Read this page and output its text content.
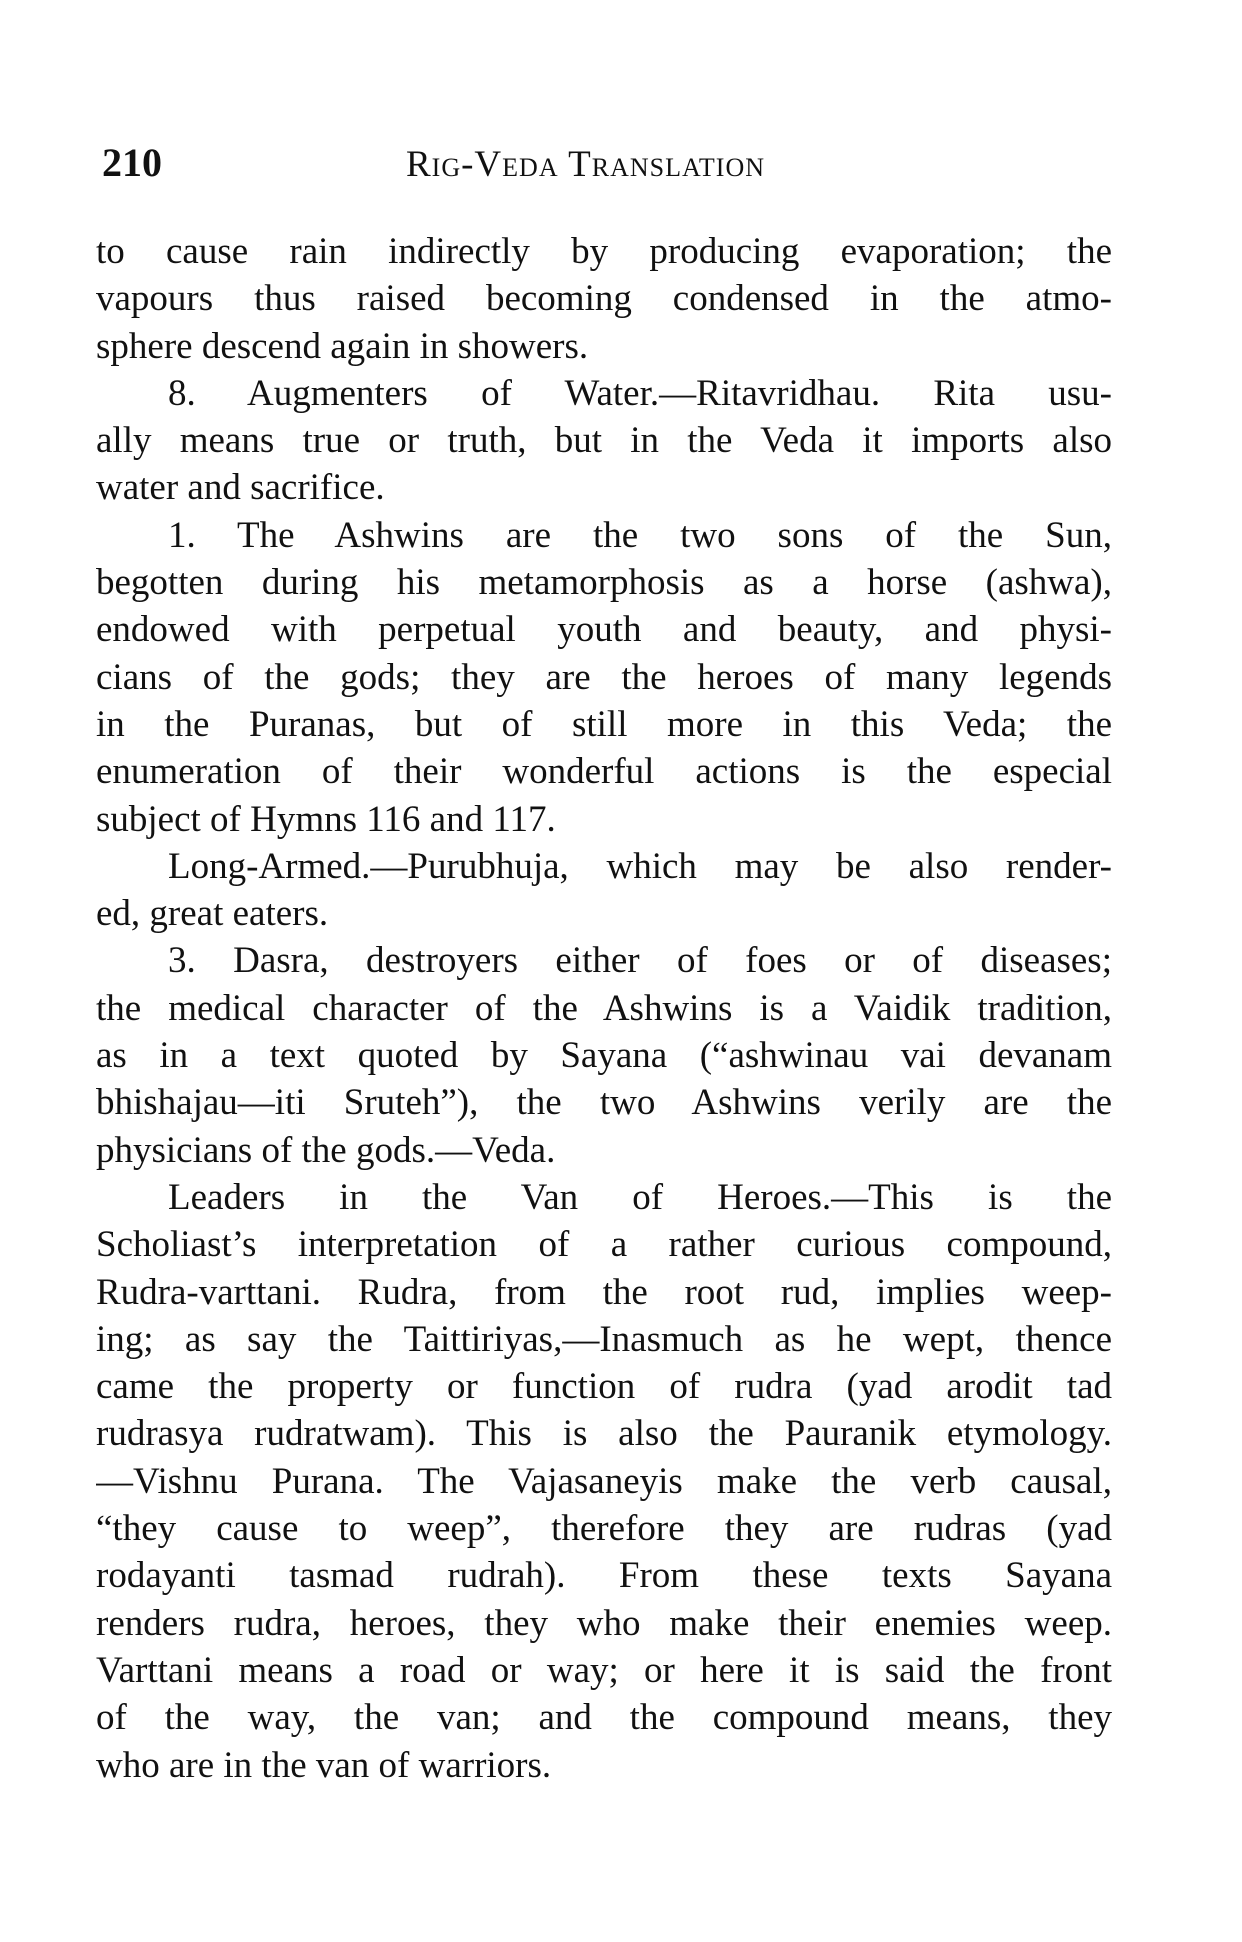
210	Rig-Veda Translation
to cause rain indirectly by producing evaporation; the
vapours thus raised becoming condensed in the atmo-
sphere descend again in showers.
8. Augmenters of Water.—Ritavridhau. Rita usu-
ally means true or truth, but in the Veda it imports also
water and sacrifice.
1. The Ashwins are the two sons of the Sun,
begotten during his metamorphosis as a horse (ashwa),
endowed with perpetual youth and beauty, and physi-
cians of the gods; they are the heroes of many legends
in the Puranas, but of still more in this Veda; the
enumeration of their wonderful actions is the especial
subject of Hymns 116 and 117.
Long-Armed.—Purubhuja, which may be also render-
ed, great eaters.
3. Dasra, destroyers either of foes or of diseases;
the medical character of the Ashwins is a Vaidik tradition,
as in a text quoted by Sayana (“ashwinau vai devanam
bhishajau—iti Sruteh”), the two Ashwins verily are the
physicians of the gods.—Veda.
Leaders in the Van of Heroes.—This is the
Scholiast’s interpretation of a rather curious compound,
Rudra-varttani. Rudra, from the root rud, implies weep-
ing; as say the Taittiriyas,—Inasmuch as he wept, thence
came the property or function of rudra (yad arodit tad
rudrasya rudratwam). This is also the Pauranik etymology.
—Vishnu Purana. The Vajasaneyis make the verb causal,
“they cause to weep”, therefore they are rudras (yad
rodayanti tasmad rudrah). From these texts Sayana
renders rudra, heroes, they who make their enemies weep.
Varttani means a road or way; or here it is said the front
of the way, the van; and the compound means, they
who are in the van of warriors.
